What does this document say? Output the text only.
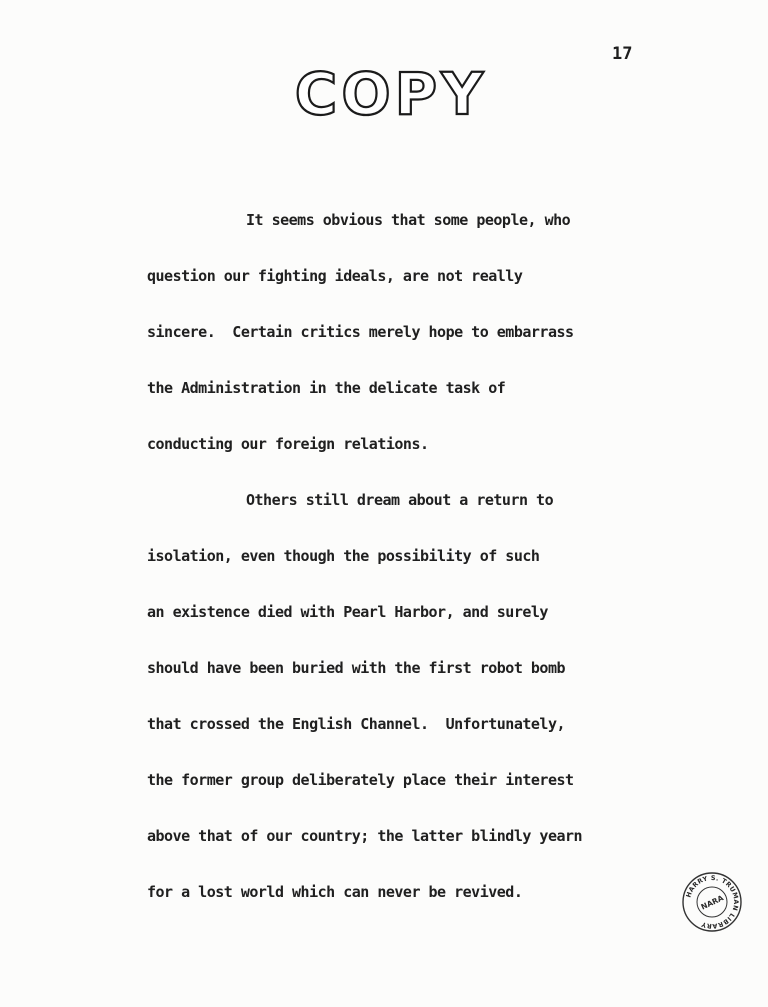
17
COPY
It seems obvious that some people, who
question our fighting ideals, are not really
sincere.  Certain critics merely hope to embarrass
the Administration in the delicate task of
conducting our foreign relations.
Others still dream about a return to
isolation, even though the possibility of such
an existence died with Pearl Harbor, and surely
should have been buried with the first robot bomb
that crossed the English Channel.  Unfortunately,
the former group deliberately place their interest
above that of our country; the latter blindly yearn
for a lost world which can never be revived.	HARRY S. TRUMAN LIBRARY
NARA
